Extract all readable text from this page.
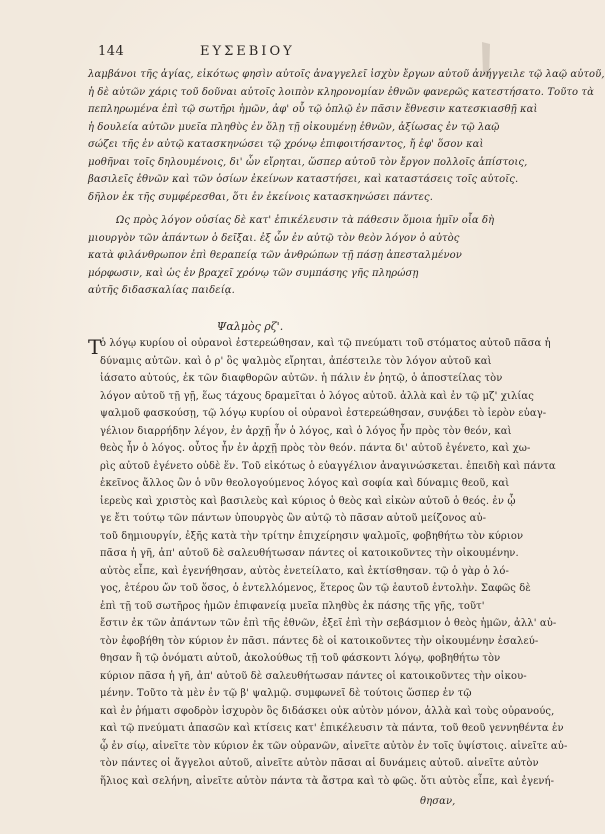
144	ΕΥΣΕΒΙΟΥ
λαμβάνοι τῆς ἁγίας, εἰκότως φησὶν αὐτοῖς ἀναγγελεῖ ἰσχὺν ἔργων αὐτοῦ ἀνήγγειλε τῷ λαῷ αὐτοῦ,
ἡ δὲ αὐτῶν χάρις τοῦ δοῦναι αὐτοῖς λοιπὸν κληρονομίαν ἐθνῶν φανερῶς κατεστήσατο. Τοῦτο τὰ
πεπληρωμένα ἐπὶ τῷ σωτῆρι ἡμῶν, ἀφ' οὗ τῷ ὁπλῷ ἐν πᾶσιν ἔθνεσιν κατεσκιασθῇ καὶ
ἡ δουλεία αὐτῶν μυεῖα πληθὺς ἐν ὅλῃ τῇ οἰκουμένῃ ἐθνῶν, ἀξίωσας ἐν τῷ λαῷ
σώζει τῆς ἐν αὐτῷ κατασκηνώσει τῷ χρόνῳ ἐπιφοιτήσαντος, ἤ ἐφ' ὅσον καὶ
μοθῆναι τοῖς δηλουμένοις, δι' ὧν εἴρηται, ὥσπερ αὐτοῦ τὸν ἔργον πολλοῖς ἀπίστοις,
βασιλεῖς ἐθνῶν καὶ τῶν ὁσίων ἐκείνων καταστήσει, καὶ καταστάσεις τοῖς αὐτοῖς.
δῆλον ἐκ τῆς συμφέρεσθαι, ὅτι ἐν ἐκείνοις κατασκηνώσει πάντες.
Ως πρὸς λόγον οὐσίας δὲ κατ' ἐπικέλευσιν τὰ πάθεσιν ὅμοια ἡμῖν οἷα δὴ
μιουργὸν τῶν ἀπάντων ὁ δεῖξαι. ἐξ ὧν ἐν αὐτῷ τὸν θεὸν λόγον ὁ αὐτὸς
κατὰ φιλάνθρωπον ἐπὶ θεραπείᾳ τῶν ἀνθρώπων τῇ πάσῃ ἀπεσταλμένον
μόρφωσιν, καὶ ὡς ἐν βραχεῖ χρόνῳ τῶν συμπάσης γῆς πληρώσῃ
αὐτῆς διδασκαλίας παιδείᾳ.
Ψαλμὸς ρζ'.
T
ὁ λόγῳ κυρίου οἱ οὐρανοὶ ἐστερεώθησαν, καὶ τῷ πνεύματι τοῦ στόματος αὐτοῦ πᾶσα ἡ
δύναμις αὐτῶν. καὶ ὁ ρ' ὃς ψαλμὸς εἴρηται, ἀπέστειλε τὸν λόγον αὐτοῦ καὶ
ἰάσατο αὐτούς, ἐκ τῶν διαφθορῶν αὐτῶν. ἡ πάλιν ἐν ῥητῷ, ὁ ἀποστείλας τὸν
λόγον αὐτοῦ τῇ γῇ, ἕως τάχους δραμεῖται ὁ λόγος αὐτοῦ. ἀλλὰ καὶ ἐν τῷ μζ' χιλίας
ψαλμοῦ φασκούσῃ, τῷ λόγῳ κυρίου οἱ οὐρανοὶ ἐστερεώθησαν, συνᾴδει τὸ ἱερὸν εὐαγ-
γέλιον διαρρήδην λέγον, ἐν ἀρχῇ ἦν ὁ λόγος, καὶ ὁ λόγος ἦν πρὸς τὸν θεόν, καὶ
θεὸς ἦν ὁ λόγος. οὗτος ἦν ἐν ἀρχῇ πρὸς τὸν θεόν. πάντα δι' αὐτοῦ ἐγένετο, καὶ χω-
ρὶς αὐτοῦ ἐγένετο οὐδὲ ἕν. Τοῦ εἰκότως ὁ εὐαγγέλιον ἀναγινώσκεται. ἐπειδὴ καὶ πάντα
ἐκεῖνος ἄλλος ὢν ὁ νῦν θεολογούμενος λόγος καὶ σοφία καὶ δύναμις θεοῦ, καὶ
ἱερεὺς καὶ χριστὸς καὶ βασιλεὺς καὶ κύριος ὁ θεὸς καὶ εἰκὼν αὐτοῦ ὁ θεός. ἐν ᾧ
γε ἔτι τούτῳ τῶν πάντων ὑπουργὸς ὢν αὐτῷ τὸ πᾶσαν αὐτοῦ μείζονος αὐ-
τοῦ δημιουργίν, ἐξῆς κατὰ τὴν τρίτην ἐπιχείρησιν ψαλμοῖς, φοβηθήτω τὸν κύριον
πᾶσα ἡ γῆ, ἀπ' αὐτοῦ δὲ σαλευθήτωσαν πάντες οἱ κατοικοῦντες τὴν οἰκουμένην.
αὐτὸς εἶπε, καὶ ἐγενήθησαν, αὐτὸς ἐνετείλατο, καὶ ἐκτίσθησαν. τῷ ὁ γὰρ ὁ λό-
γος, ἑτέρου ὤν τοῦ ὅσος, ὁ ἐντελλόμενος, ἕτερος ὢν τῷ ἑαυτοῦ ἐντολὴν. Σαφῶς δὲ
ἐπὶ τῇ τοῦ σωτῆρος ἡμῶν ἐπιφανείᾳ μυεῖα πληθὺς ἐκ πάσης τῆς γῆς, τοῦτ'
ἔστιν ἐκ τῶν ἀπάντων τῶν ἐπὶ τῆς ἐθνῶν, ἐξεῖ ἐπὶ τὴν σεβάσμιον ὁ θεὸς ἡμῶν, ἀλλ' αὐ-
τὸν ἐφοβήθη τὸν κύριον ἐν πᾶσι. πάντες δὲ οἱ κατοικοῦντες τὴν οἰκουμένην ἐσαλεύ-
θησαν ἢ τῷ ὀνόματι αὐτοῦ, ἀκολούθως τῇ τοῦ φάσκοντι λόγῳ, φοβηθήτω τὸν
κύριον πᾶσα ἡ γῆ, ἀπ' αὐτοῦ δὲ σαλευθήτωσαν πάντες οἱ κατοικοῦντες τὴν οἰκου-
μένην. Τοῦτο τὰ μὲν ἐν τῷ β' ψαλμῷ. συμφωνεῖ δὲ τούτοις ὥσπερ ἐν τῷ
καὶ ἐν ῥήματι σφοδρὸν ἰσχυρὸν ὃς διδάσκει οὐκ αὐτὸν μόνον, ἀλλὰ καὶ τοὺς οὐρανούς,
καὶ τῷ πνεύματι ἀπασῶν καὶ κτίσεις κατ' ἐπικέλευσιν τὰ πάντα, τοῦ θεοῦ γεννηθέντα ἐν
ᾧ ἐν σίῳ, αἰνεῖτε τὸν κύριον ἐκ τῶν οὐρανῶν, αἰνεῖτε αὐτὸν ἐν τοῖς ὑψίστοις. αἰνεῖτε αὐ-
τὸν πάντες οἱ ἄγγελοι αὐτοῦ, αἰνεῖτε αὐτὸν πᾶσαι αἱ δυνάμεις αὐτοῦ. αἰνεῖτε αὐτὸν
ἥλιος καὶ σελήνη, αἰνεῖτε αὐτὸν πάντα τὰ ἄστρα καὶ τὸ φῶς. ὅτι αὐτὸς εἶπε, καὶ ἐγενή-
θησαν,
